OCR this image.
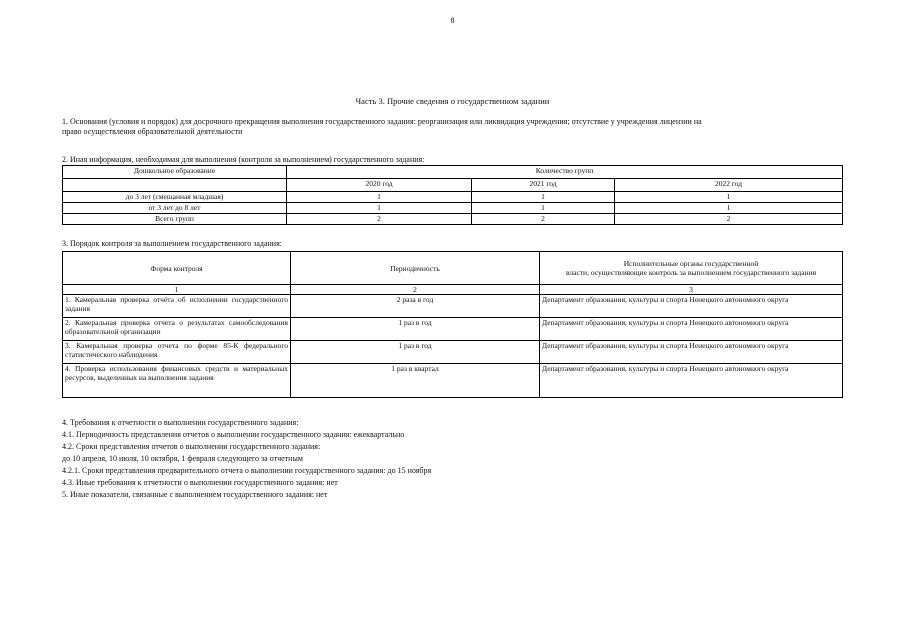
8
Часть 3. Прочие сведения о государственном задании
1. Основания (условия и порядок) для досрочного прекращения выполнения государственного задания: реорганизация или ликвидация учреждения; отсутствие у учреждения лицензии на
право осуществления образовательной деятельности
2. Иная информация, необходимая для выполнения (контроля за выполнением) государственного задания:
Дошкольное образование	Количество групп		
	2020 год	2021 год	2022 год
до 3 лет (смешанная младшая)	1	1	1
от 3 лет до 8 лет	1	1	1
Всего групп	2	2	2
3. Порядок контроля за выполнением государственного задания:
Форма контроля	Периодичность	Исполнительные органы государственной
власти, осуществляющие контроль за выполнением государственного задания

1	2	3
1. Камеральная проверка отчёта об исполнении государственного задания	2 раза в год	Департамент образования, культуры и спорта Ненецкого автономного округа
2. Камеральная проверка отчета о результатах самообследования образовательной организации	1 раз в год	Департамент образования, культуры и спорта Ненецкого автономного округа
3. Камеральная проверка отчета по форме 85-К федерального статистического наблюдения	1 раз в год	Департамент образования, культуры и спорта Ненецкого автономного округа
4. Проверка использования финансовых средств и материальных ресурсов, выделенных на выполнения задания	1 раз в квартал	Департамент образования, культуры и спорта Ненецкого автономного округа
4. Требования к отчетности о выполнении государственного задания:
4.1. Периодичность представления отчетов о выполнении государственного задания: ежеквартально
4.2. Сроки представления отчетов о выполнении государственного задания:
до 10 апреля, 10 июля, 10 октября, 1 февраля следующего за отчетным
4.2.1. Сроки представления предварительного отчета о выполнении государственного задания: до 15 ноября
4.3. Иные требования к отчетности о выполнении государственного задания: нет
5. Иные показатели, связанные с выполнением государственного задания: нет
